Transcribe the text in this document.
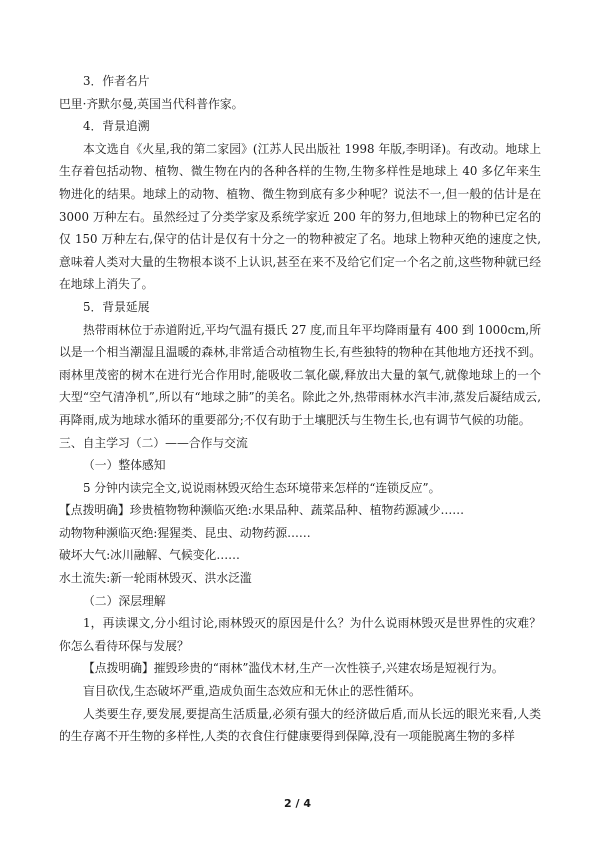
3．作者名片

巴里·齐默尔曼,英国当代科普作家。

4．背景追溯

本文选自《火星,我的第二家园》(江苏人民出版社 1998 年版,李明译)。有改动。地球上生存着包括动物、植物、微生物在内的各种各样的生物,生物多样性是地球上 40 多亿年来生物进化的结果。地球上的动物、植物、微生物到底有多少种呢？说法不一,但一般的估计是在 3000 万种左右。虽然经过了分类学家及系统学家近 200 年的努力,但地球上的物种已定名的仅 150 万种左右,保守的估计是仅有十分之一的物种被定了名。地球上物种灭绝的速度之快,意味着人类对大量的生物根本谈不上认识,甚至在来不及给它们定一个名之前,这些物种就已经在地球上消失了。

5．背景延展

热带雨林位于赤道附近,平均气温有摄氏 27 度,而且年平均降雨量有 400 到 1000cm,所以是一个相当潮湿且温暖的森林,非常适合动植物生长,有些独特的物种在其他地方还找不到。雨林里茂密的树木在进行光合作用时,能吸收二氧化碳,释放出大量的氧气,就像地球上的一个大型“空气清净机”,所以有“地球之肺”的美名。除此之外,热带雨林水汽丰沛,蒸发后凝结成云,再降雨,成为地球水循环的重要部分;不仅有助于土壤肥沃与生物生长,也有调节气候的功能。

三、自主学习（二）——合作与交流

（一）整体感知

5 分钟内读完全文,说说雨林毁灭给生态环境带来怎样的“连锁反应”。

【点拨明确】珍贵植物物种濒临灭绝:水果品种、蔬菜品种、植物药源减少……

动物物种濒临灭绝:猩猩类、昆虫、动物药源……

破坏大气:冰川融解、气候变化……

水土流失:新一轮雨林毁灭、洪水泛滥

（二）深层理解

1，再读课文,分小组讨论,雨林毁灭的原因是什么？为什么说雨林毁灭是世界性的灾难？你怎么看待环保与发展？

【点拨明确】摧毁珍贵的“雨林”滥伐木材,生产一次性筷子,兴建农场是短视行为。

盲目砍伐,生态破坏严重,造成负面生态效应和无休止的恶性循环。

人类要生存,要发展,要提高生活质量,必须有强大的经济做后盾,而从长远的眼光来看,人类的生存离不开生物的多样性,人类的衣食住行健康要得到保障,没有一项能脱离生物的多样

2 / 4
